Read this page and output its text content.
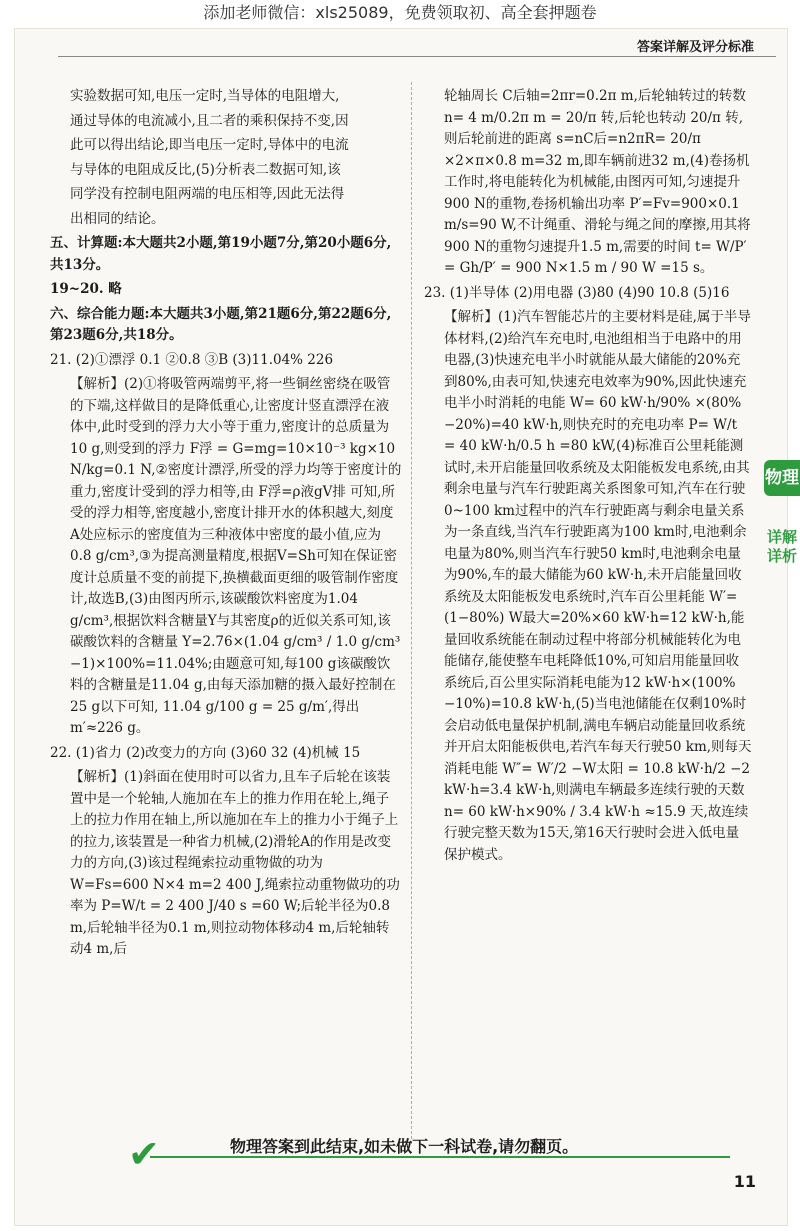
添加老师微信：xls25089，免费领取初、高全套押题卷
答案详解及评分标准

实验数据可知,电压一定时,当导体的电阻增大,

通过导体的电流减小,且二者的乘积保持不变,因

此可以得出结论,即当电压一定时,导体中的电流

与导体的电阻成反比,(5)分析表二数据可知,该

同学没有控制电阻两端的电压相等,因此无法得

出相同的结论。

五、计算题:本大题共2小题,第19小题7分,第20小题6分,共13分。

19~20. 略

六、综合能力题:本大题共3小题,第21题6分,第22题6分,第23题6分,共18分。

21. (2)①漂浮 0.1 ②0.8 ③B (3)11.04% 226

【解析】(2)①将吸管两端剪平,将一些铜丝密绕在吸管的下端,这样做目的是降低重心,让密度计竖直漂浮在液体中,此时受到的浮力大小等于重力,密度计的总质量为10 g,则受到的浮力 F浮 = G=mg=10×10⁻³ kg×10 N/kg=0.1 N,②密度计漂浮,所受的浮力均等于密度计的重力,密度计受到的浮力相等,由 F浮=ρ液gV排 可知,所受的浮力相等,密度越小,密度计排开水的体积越大,刻度A处应标示的密度值为三种液体中密度的最小值,应为0.8 g/cm³,③为提高测量精度,根据V=Sh可知在保证密度计总质量不变的前提下,换横截面更细的吸管制作密度计,故选B,(3)由图丙所示,该碳酸饮料密度为1.04 g/cm³,根据饮料含糖量Y与其密度ρ的近似关系可知,该碳酸饮料的含糖量 Y=2.76×(1.04 g/cm³ / 1.0 g/cm³ −1)×100%=11.04%;由题意可知,每100 g该碳酸饮料的含糖量是11.04 g,由每天添加糖的摄入最好控制在25 g以下可知, 11.04 g/100 g = 25 g/m′,得出 m′≈226 g。

22. (1)省力 (2)改变力的方向 (3)60 32 (4)机械 15

【解析】(1)斜面在使用时可以省力,且车子后轮在该装置中是一个轮轴,人施加在车上的推力作用在轮上,绳子上的拉力作用在轴上,所以施加在车上的推力小于绳子上的拉力,该装置是一种省力机械,(2)滑轮A的作用是改变力的方向,(3)该过程绳索拉动重物做的功为 W=Fs=600 N×4 m=2 400 J,绳索拉动重物做功的功率为 P=W/t = 2 400 J/40 s =60 W;后轮半径为0.8 m,后轮轴半径为0.1 m,则拉动物体移动4 m,后轮轴转动4 m,后

轮轴周长 C后轴=2πr=0.2π m,后轮轴转过的转数 n= 4 m/0.2π m = 20/π 转,后轮也转动 20/π 转,则后轮前进的距离 s=nC后=n2πR= 20/π ×2×π×0.8 m=32 m,即车辆前进32 m,(4)卷扬机工作时,将电能转化为机械能,由图丙可知,匀速提升900 N的重物,卷扬机输出功率 P′=Fv=900×0.1 m/s=90 W,不计绳重、滑轮与绳之间的摩擦,用其将900 N的重物匀速提升1.5 m,需要的时间 t= W/P′ = Gh/P′ = 900 N×1.5 m / 90 W =15 s。

23. (1)半导体 (2)用电器 (3)80 (4)90 10.8 (5)16

【解析】(1)汽车智能芯片的主要材料是硅,属于半导体材料,(2)给汽车充电时,电池组相当于电路中的用电器,(3)快速充电半小时就能从最大储能的20%充到80%,由表可知,快速充电效率为90%,因此快速充电半小时消耗的电能 W= 60 kW·h/90% ×(80%−20%)=40 kW·h,则快充时的充电功率 P= W/t = 40 kW·h/0.5 h =80 kW,(4)标准百公里耗能测试时,未开启能量回收系统及太阳能板发电系统,由其剩余电量与汽车行驶距离关系图象可知,汽车在行驶0~100 km过程中的汽车行驶距离与剩余电量关系为一条直线,当汽车行驶距离为100 km时,电池剩余电量为80%,则当汽车行驶50 km时,电池剩余电量为90%,车的最大储能为60 kW·h,未开启能量回收系统及太阳能板发电系统时,汽车百公里耗能 W′=(1−80%) W最大=20%×60 kW·h=12 kW·h,能量回收系统能在制动过程中将部分机械能转化为电能储存,能使整车电耗降低10%,可知启用能量回收系统后,百公里实际消耗电能为12 kW·h×(100%−10%)=10.8 kW·h,(5)当电池储能在仅剩10%时会启动低电量保护机制,满电车辆启动能量回收系统并开启太阳能板供电,若汽车每天行驶50 km,则每天消耗电能 W″= W′/2 −W太阳 = 10.8 kW·h/2 −2 kW·h=3.4 kW·h,则满电车辆最多连续行驶的天数 n= 60 kW·h×90% / 3.4 kW·h ≈15.9 天,故连续行驶完整天数为15天,第16天行驶时会进入低电量保护模式。

物理
详解详析
✔	物理答案到此结束,如未做下一科试卷,请勿翻页。
11
